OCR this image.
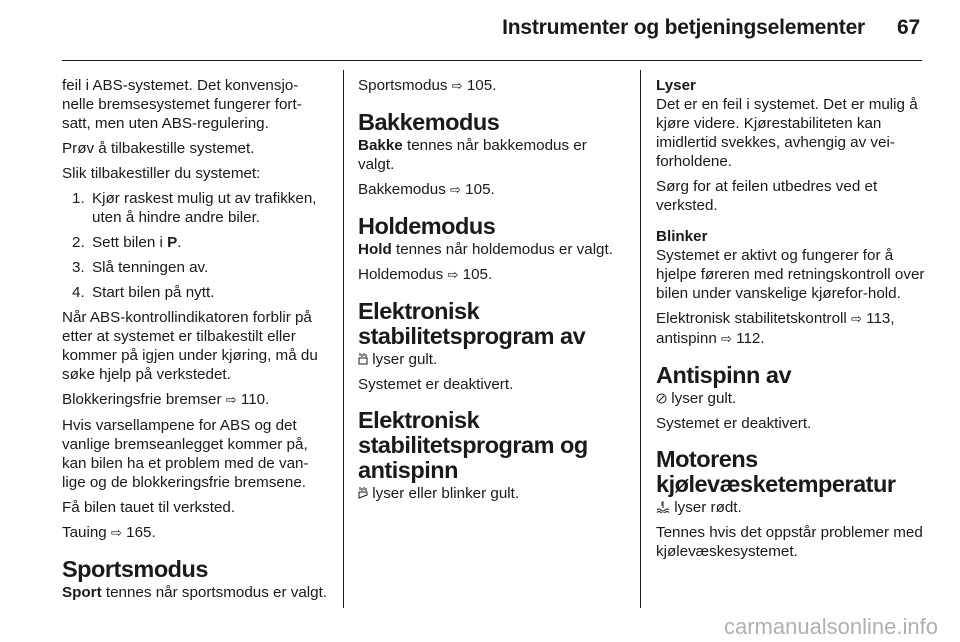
Instrumenter og betjeningselementer 67

feil i ABS-systemet. Det konvensjo-nelle bremsesystemet fungerer fort-satt, men uten ABS-regulering.

Prøv å tilbakestille systemet.

Slik tilbakestiller du systemet:

1. Kjør raskest mulig ut av trafikken, uten å hindre andre biler.

2. Sett bilen i P.

3. Slå tenningen av.

4. Start bilen på nytt.

Når ABS-kontrollindikatoren forblir på etter at systemet er tilbakestilt eller kommer på igjen under kjøring, må du søke hjelp på verkstedet.

Blokkeringsfrie bremser ⇨ 110.

Hvis varsellampene for ABS og det vanlige bremseanlegget kommer på, kan bilen ha et problem med de van-lige og de blokkeringsfrie bremsene.

Få bilen tauet til verksted.

Tauing ⇨ 165.

Sportsmodus

Sport tennes når sportsmodus er valgt.

Sportsmodus ⇨ 105.

Bakkemodus

Bakke tennes når bakkemodus er valgt.

Bakkemodus ⇨ 105.

Holdemodus

Hold tennes når holdemodus er valgt.

Holdemodus ⇨ 105.

Elektronisk stabilitetsprogram av

lyser gult.

Systemet er deaktivert.

Elektronisk stabilitetsprogram og antispinn

lyser eller blinker gult.

Lyser

Det er en feil i systemet. Det er mulig å kjøre videre. Kjørestabiliteten kan imidlertid svekkes, avhengig av vei-forholdene.

Sørg for at feilen utbedres ved et verksted.

Blinker

Systemet er aktivt og fungerer for å hjelpe føreren med retningskontroll over bilen under vanskelige kjørefor-hold.

Elektronisk stabilitetskontroll ⇨ 113,
antispinn ⇨ 112.

Antispinn av

lyser gult.

Systemet er deaktivert.

Motorens kjølevæsketemperatur

lyser rødt.

Tennes hvis det oppstår problemer med kjølevæskesystemet.

carmanualsonline.info
